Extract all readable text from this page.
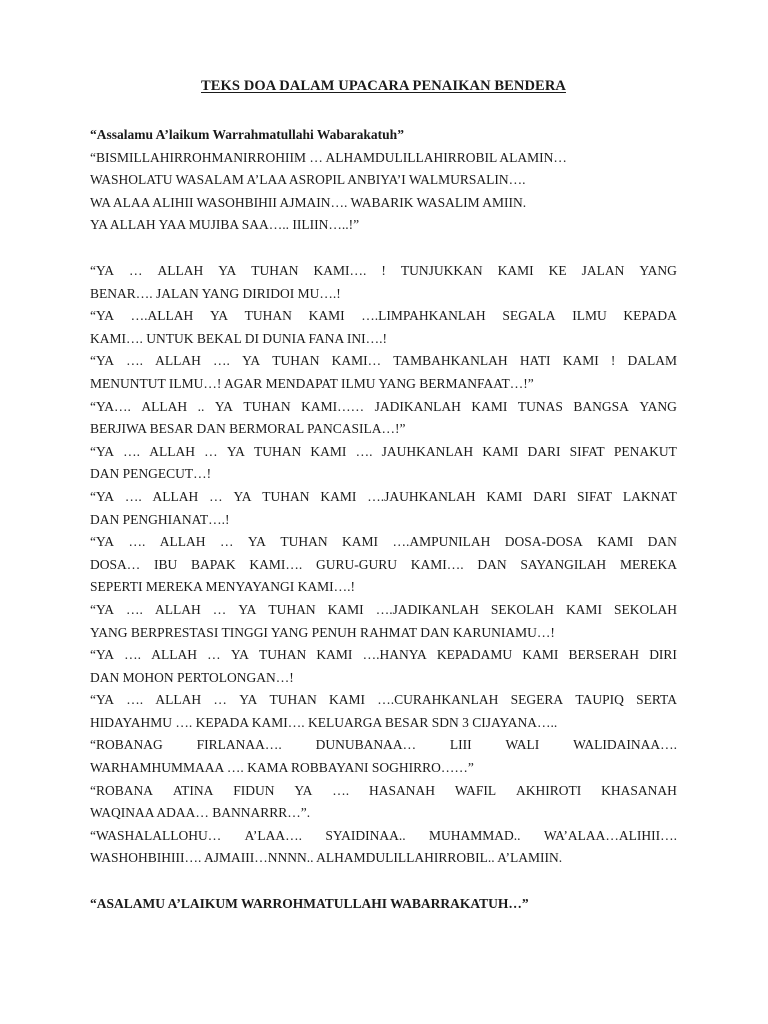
TEKS DOA DALAM UPACARA PENAIKAN BENDERA

“Assalamu A’laikum Warrahmatullahi Wabarakatuh”

“BISMILLAHIRROHMANIRROHIIM … ALHAMDULILLAHIRROBIL ALAMIN…
WASHOLATU WASALAM A’LAA ASROPIL ANBIYA’I WALMURSALIN….
WA ALAA ALIHII WASOHBIHII AJMAIN…. WABARIK WASALIM AMIIN.
YA ALLAH YAA MUJIBA SAA….. IILIIN…..!”
“YA … ALLAH YA TUHAN KAMI…. ! TUNJUKKAN KAMI KE JALAN YANG
BENAR…. JALAN YANG DIRIDOI MU….!
“YA ….ALLAH YA TUHAN KAMI ….LIMPAHKANLAH SEGALA ILMU KEPADA
KAMI…. UNTUK BEKAL DI DUNIA FANA INI….!
“YA …. ALLAH …. YA TUHAN KAMI… TAMBAHKANLAH HATI KAMI ! DALAM
MENUNTUT ILMU…! AGAR MENDAPAT ILMU YANG BERMANFAAT…!”
“YA…. ALLAH .. YA TUHAN KAMI…… JADIKANLAH KAMI TUNAS BANGSA YANG
BERJIWA BESAR DAN BERMORAL PANCASILA…!”
“YA …. ALLAH … YA TUHAN KAMI …. JAUHKANLAH KAMI DARI SIFAT PENAKUT
DAN PENGECUT…!
“YA …. ALLAH … YA TUHAN KAMI ….JAUHKANLAH KAMI DARI SIFAT LAKNAT
DAN PENGHIANAT….!
“YA …. ALLAH … YA TUHAN KAMI ….AMPUNILAH DOSA-DOSA KAMI DAN
DOSA… IBU BAPAK KAMI…. GURU-GURU KAMI…. DAN SAYANGILAH MEREKA
SEPERTI MEREKA MENYAYANGI KAMI….!
“YA …. ALLAH … YA TUHAN KAMI ….JADIKANLAH SEKOLAH KAMI SEKOLAH
YANG BERPRESTASI TINGGI YANG PENUH RAHMAT DAN KARUNIAMU…!
“YA …. ALLAH … YA TUHAN KAMI ….HANYA KEPADAMU KAMI BERSERAH DIRI
DAN MOHON PERTOLONGAN…!
“YA …. ALLAH … YA TUHAN KAMI ….CURAHKANLAH SEGERA TAUPIQ SERTA
HIDAYAHMU …. KEPADA KAMI…. KELUARGA BESAR SDN 3 CIJAYANA…..
“ROBANAG	FIRLANAA….	DUNUBANAA…	LIII	WALI	WALIDAINAA….
WARHAMHUMMAAA …. KAMA ROBBAYANI SOGHIRRO……”
“ROBANA ATINA FIDUN YA …. HASANAH WAFIL AKHIROTI KHASANAH
WAQINAA ADAA… BANNARRR…”.
“WASHALALLOHU… A’LAA…. SYAIDINAA.. MUHAMMAD.. WA’ALAA…ALIHII….
WASHOHBIHIII…. AJMAIII…NNNN.. ALHAMDULILLAHIRROBIL.. A’LAMIIN.

“ASALAMU A’LAIKUM WARROHMATULLAHI WABARRAKATUH…”
